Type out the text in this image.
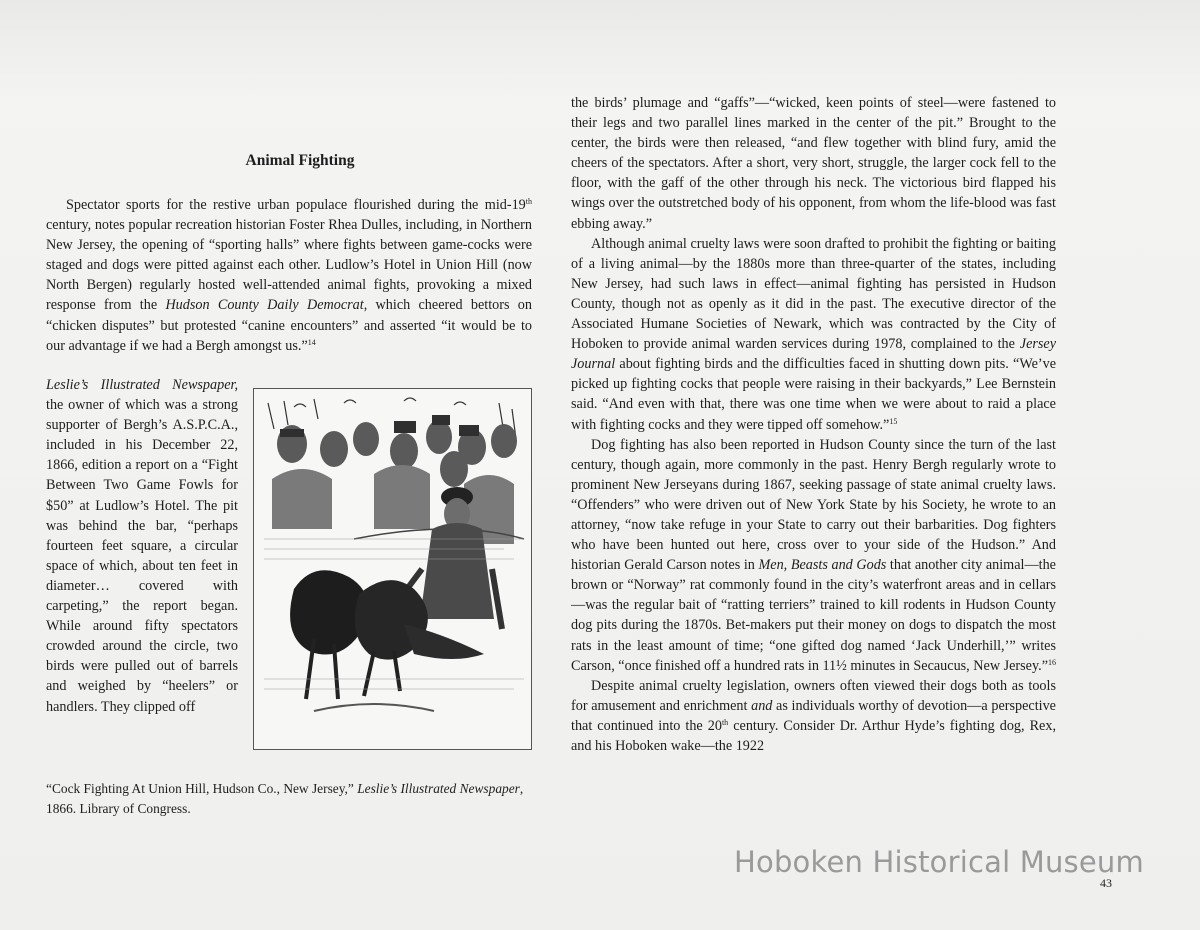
Animal Fighting

Spectator sports for the restive urban populace flourished during the mid-19th century, notes popular recreation historian Foster Rhea Dulles, including, in Northern New Jersey, the opening of “sporting halls” where fights between game-cocks were staged and dogs were pitted against each other. Ludlow’s Hotel in Union Hill (now North Bergen) regularly hosted well-attended animal fights, provoking a mixed response from the Hudson County Daily Democrat, which cheered bettors on “chicken disputes” but protested “canine encounters” and asserted “it would be to our advantage if we had a Bergh amongst us.”$^{14}$

Leslie’s Illustrated Newspaper, the owner of which was a strong supporter of Bergh’s A.S.P.C.A., included in his December 22, 1866, edition a report on a “Fight Between Two Game Fowls for $50” at Ludlow’s Hotel. The pit was behind the bar, “perhaps fourteen feet square, a circular space of which, about ten feet in diameter… covered with carpeting,” the report began. While around fifty spectators crowded around the circle, two birds were pulled out of barrels and weighed by “heelers” or handlers. They clipped off

“Cock Fighting At Union Hill, Hudson Co., New Jersey,” Leslie’s Illustrated Newspaper, 1866. Library of Congress.

the birds’ plumage and “gaffs”—“wicked, keen points of steel—were fastened to their legs and two parallel lines marked in the center of the pit.” Brought to the center, the birds were then released, “and flew together with blind fury, amid the cheers of the spectators. After a short, very short, struggle, the larger cock fell to the floor, with the gaff of the other through his neck. The victorious bird flapped his wings over the outstretched body of his opponent, from whom the life-blood was fast ebbing away.”

Although animal cruelty laws were soon drafted to prohibit the fighting or baiting of a living animal—by the 1880s more than three-quarter of the states, including New Jersey, had such laws in effect—animal fighting has persisted in Hudson County, though not as openly as it did in the past. The executive director of the Associated Humane Societies of Newark, which was contracted by the City of Hoboken to provide animal warden services during 1978, complained to the Jersey Journal about fighting birds and the difficulties faced in shutting down pits. “We’ve picked up fighting cocks that people were raising in their backyards,” Lee Bernstein said. “And even with that, there was one time when we were about to raid a place with fighting cocks and they were tipped off somehow.”$^{15}$

Dog fighting has also been reported in Hudson County since the turn of the last century, though again, more commonly in the past. Henry Bergh regularly wrote to prominent New Jerseyans during 1867, seeking passage of state animal cruelty laws. “Offenders” who were driven out of New York State by his Society, he wrote to an attorney, “now take refuge in your State to carry out their barbarities. Dog fighters who have been hunted out here, cross over to your side of the Hudson.” And historian Gerald Carson notes in Men, Beasts and Gods that another city animal—the brown or “Norway” rat commonly found in the city’s waterfront areas and in cellars—was the regular bait of “ratting terriers” trained to kill rodents in Hudson County dog pits during the 1870s. Bet-makers put their money on dogs to dispatch the most rats in the least amount of time; “one gifted dog named ‘Jack Underhill,’” writes Carson, “once finished off a hundred rats in 11½ minutes in Secaucus, New Jersey.”$^{16}$

Despite animal cruelty legislation, owners often viewed their dogs both as tools for amusement and enrichment and as individuals worthy of devotion—a perspective that continued into the 20th century. Consider Dr. Arthur Hyde’s fighting dog, Rex, and his Hoboken wake—the 1922

Hoboken Historical Museum
43
